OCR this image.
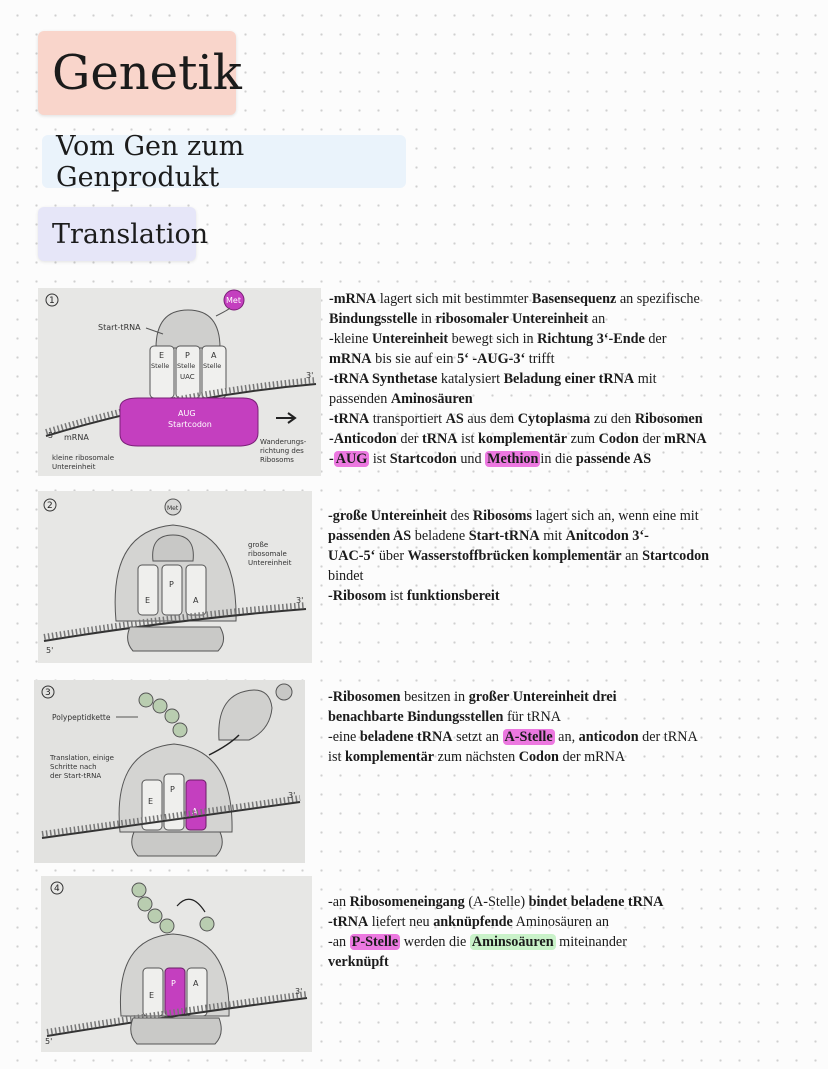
Genetik
Vom Gen zum Genprodukt
Translation
1	Met
E	P	A
Stelle Stelle Stelle
UAC
Start-tRNA
3'
5'
AUG
Startcodon
mRNA
kleine ribosomale
Untereinheit
Wanderungs-
richtung des
Ribosoms
2	Met
E
P
A
große
ribosomale
Untereinheit
5'
3'
3
E
P
A
Polypeptidkette
Translation, einige
Schritte nach
der Start-tRNA
3'
4
E
P A
5'
3'
-mRNA lagert sich mit bestimmter Basensequenz an spezifische
Bindungsstelle in ribosomaler Untereinheit an
-kleine Untereinheit bewegt sich in Richtung 3‘-Ende der
mRNA bis sie auf ein 5‘ -AUG-3‘ trifft
-tRNA Synthetase katalysiert Beladung einer tRNA mit
passenden Aminosäuren
-tRNA transportiert AS aus dem Cytoplasma zu den Ribosomen
-Anticodon der tRNA ist komplementär zum Codon der mRNA
- AUG ist Startcodon und Methion in die passende AS
-große Untereinheit des Ribosoms lagert sich an, wenn eine mit
passenden AS beladene Start-tRNA mit Anitcodon 3‘-
UAC-5‘ über Wasserstoffbrücken komplementär an Startcodon
bindet
-Ribosom ist funktionsbereit
-Ribosomen besitzen in großer Untereinheit drei
benachbarte Bindungsstellen für tRNA
-eine beladene tRNA setzt an A-Stelle an, anticodon der tRNA
ist komplementär zum nächsten Codon der mRNA
-an Ribosomeneingang (A-Stelle) bindet beladene tRNA
-tRNA liefert neu anknüpfende Aminosäuren an
-an P-Stelle werden die Aminsoäuren miteinander
verknüpft
